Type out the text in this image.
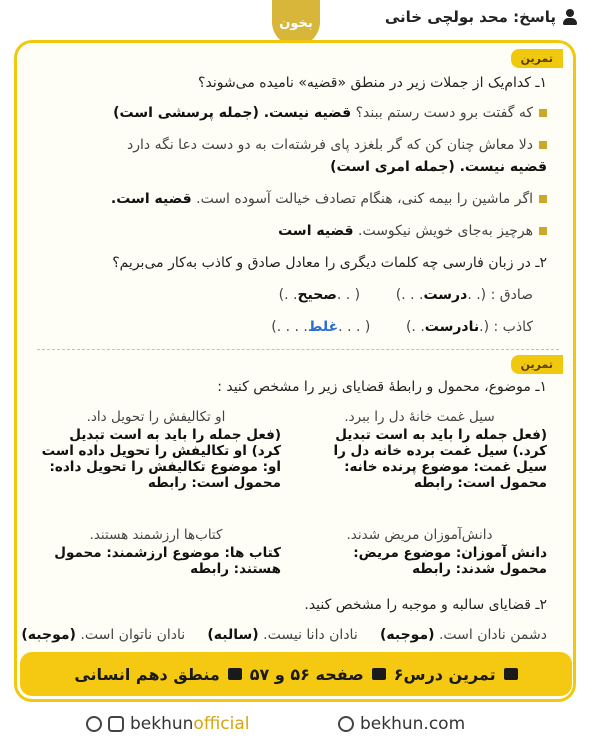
پاسخ: محد بولچی خانی
بخون
تمرین
۱ـ کدام‌یک از جملات زیر در منطق «قضیه» نامیده می‌شوند؟
که گفتت برو دست رستم ببند؟ قضیه نیست. (جمله پرسشی است)
دلا معاش چنان کن که گر بلغزد پای فرشته‌ات به دو دست دعا نگه دارد
قضیه نیست. (جمله امری است)
اگر ماشین را بیمه کنی، هنگام تصادف خیالت آسوده است. قضیه است.
هرچیز به‌جای خویش نیکوست. قضیه است
۲ـ در زبان فارسی چه کلمات دیگری را معادل صادق و کاذب به‌کار می‌بریم؟
صادق : (. .درست. . .)        ( . .صحیح. .)
کاذب : (.نادرست. .)        ( . . .غلط. . . .)
تمرین
۱ـ موضوع، محمول و رابطهٔ قضایای زیر را مشخص کنید :
سیل غمت خانهٔ دل را ببرد.
(فعل جمله را باید به است تبدیل
کرد.) سیل غمت برده خانه دل را
سیل غمت: موضوع پرنده خانه:
محمول است: رابطه
او تکالیفش را تحویل داد.
(فعل جمله را باید به است تبدیل
کرد) او تکالیفش را تحویل داده است
او: موضوع تکالیفش را تحویل داده:
محمول است: رابطه
دانش‌آموزان مریض شدند.
دانش آموزان: موضوع مریض:
محمول شدند: رابطه
کتاب‌ها ارزشمند هستند.
کتاب ها: موضوع ارزشمند: محمول
هستند: رابطه
۲ـ قضایای سالبه و موجبه را مشخص کنید.
دشمن نادان است. (موجبه)     نادان دانا نیست. (سالبه)     نادان ناتوان است. (موجبه)
تمرین درس۶
صفحه ۵۶ و ۵۷
منطق دهم انسانی
bekhunofficial	bekhun.com
